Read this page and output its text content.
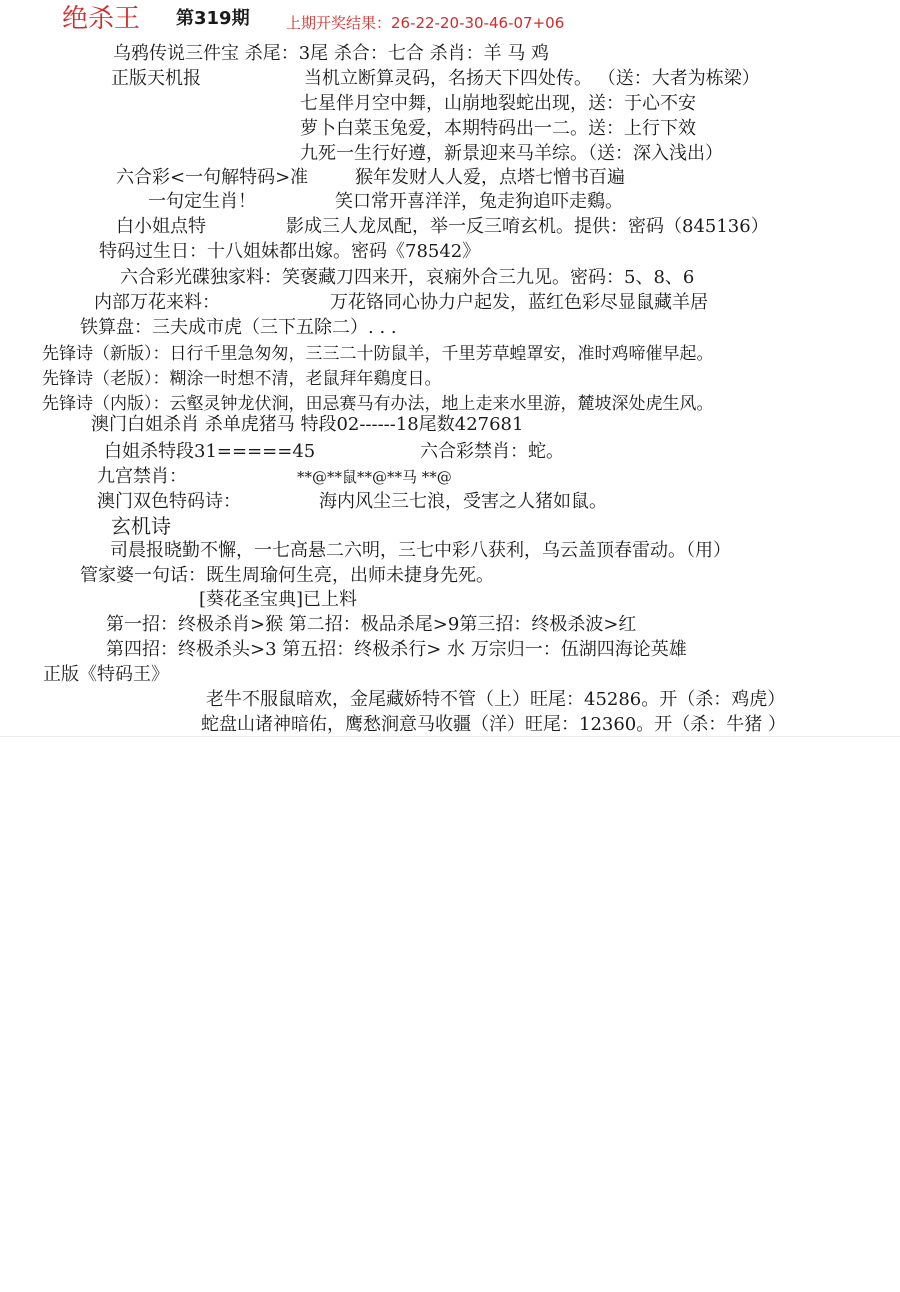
绝杀王 第319期 上期开奖结果：26-22-20-30-46-07+06
乌鸦传说三件宝 杀尾：3尾 杀合：七合 杀肖：羊 马 鸡
正版天机报	当机立断算灵码，名扬天下四处传。 （送：大者为栋梁）
七星伴月空中舞，山崩地裂蛇出现，送：于心不安
萝卜白菜玉兔爱，本期特码出一二。送：上行下效
九死一生行好遵，新景迎来马羊综。（送：深入浅出）
六合彩<一句解特码>准	猴年发财人人爱，点塔七憎书百遍
一句定生肖！	笑口常开喜洋洋，兔走狗追吓走鷄。
白小姐点特	影成三人龙凤配，举一反三唷玄机。提供：密码（845136）
特码过生日：十八姐妹都出嫁。密码《78542》
六合彩光碟独家料：笑褒藏刀四来开，哀痫外合三九见。密码：5、8、6
内部万花来料：	万花铬同心协力户起发，蓝红色彩尽显鼠藏羊居
铁算盘：三夫成市虎（三下五除二）. . .
先锋诗（新版）：日行千里急匆匆，三三二十防鼠羊，千里芳草蝗罩安，准时鸡啼催早起。
先锋诗（老版）：糊涂一时想不清，老鼠拜年鷄度日。
先锋诗（内版）：云壑灵钟龙伏涧，田忌赛马有办法，地上走来水里游，麓坡深处虎生风。
澳门白姐杀肖 杀单虎猪马 特段02------18尾数427681
白姐杀特段31=====45	六合彩禁肖：蛇。
九宫禁肖：	**@**鼠**@**马 **@
澳门双色特码诗：	海内风尘三七浪，受害之人猪如鼠。
玄机诗
司晨报晓勤不懈，一七高悬二六明，三七中彩八获利，乌云盖顶春雷动。（用）
管家婆一句话：既生周瑜何生亮，出师未捷身先死。
[葵花圣宝典]已上料
第一招：终极杀肖>猴 第二招：极品杀尾>9第三招：终极杀波>红
第四招：终极杀头>3 第五招：终极杀行> 水 万宗归一：伍湖四海论英雄
正版《特码王》
老牛不服鼠暗欢，金尾藏娇特不管（上）旺尾：45286。开（杀：鸡虎）
蛇盘山诸神暗佑，鹰愁涧意马收疆（洋）旺尾：12360。开（杀：牛猪 ）
